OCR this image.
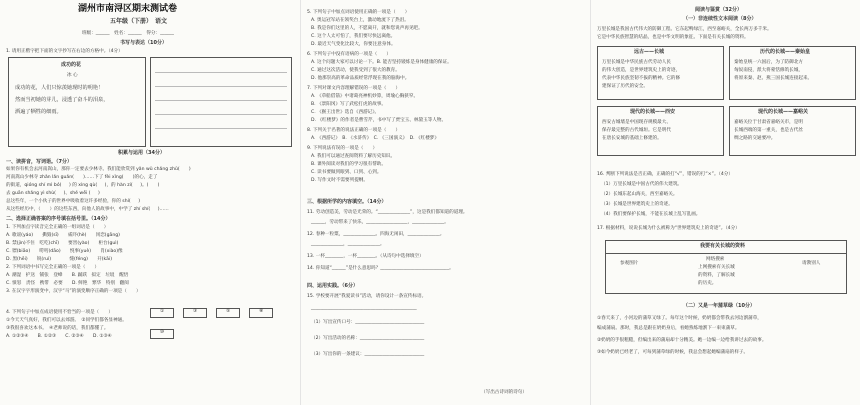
湖州市南浔区期末测试卷
五年级（下册）　语文
班级：______　姓名：______　得分：______
书写与表达（10分）
1. 请用正楷字把下面的文字抄写在右边的方格中。（4分）
成功的花
冰 心
成功的花，人们只惊羡她现时的明艳！
然而当初她的芽儿，浸透了奋斗的泪泉，
洒遍了牺牲的细雨。
积累与运用（34分）
一、读拼音，写词语。（7分）
如果你有机会去河南嵩山，那你一定要去少林寺。我们能欣赏到 yǎn wǔ chǎng zhǔ(　　)
河南嵩山少林寺 zhǎn lǎn guǎn(　　)……下了 fèi xǐng(　　)的心，走了
的街道，qióng shí mì bó( 　 ) 的 xìng qù( 　 )，的 hàn zi( 　 )。(　　)
去 guān shǎng yì shù( 　 )、shé wěi ( 　 )
总这些年，一个小伙子的世界中吸收着这许多经验，你的 shí( 　 )
从这些经历中，（　　）的这些东西，向他人的故事中，中学了 zhí shí( 　 )……
二、选择正确答案的序号填在括号里。（14分）
1. 下列加点字读音完全正确的一组词语是（　　）
A. 歌谣(yáo)　　撕毁(sī)　　威吓(hè)　　冈恋(gāng)
B. 禁(jìn)不住　吃吃(chī)　　要害(yào)　　柜台(guì)
C. 镖(biāo)　　唠叨(dāo)　　悦事(yuè)　　肖(xiào)像
D. 黑(hēi)　　锐(ruì)　　　　缝(féng)　　开(kāi)
2. 下列词语中书写完全正确的一项是（　　）
A. 潮湿　护送　铺张　登峰　　B. 踊跃　拟定　垃圾　醒悟
C. 愤怒　责怪　携带　必要　　D. 鲜艳　繁华　特别　翻阅
3. 在汉字字形演变中，汉字“马”的演变顺序正确的一项是（　　）
①	③	⑤	⑧ ⑩
4. 下列句子中加点成语使用不恰当的一项是（　　）
①今天天气真好，我们可以去郊游。　②同学们都各显神通。
③我很喜欢这本书。　④老师说的话，我们都懂了。
A. ①②③④　　B. ①②③　　C. ②③④　　D. ①③④
5. 下列句子中加点词语使用正确的一项是（　　）
A. 奥运冠军站在领奖台上，激动地流下了热泪。
B. 我是你们这里的人，不愿离开，就和您说声再见吧。
C. 这个人太可怕了，我们要尽快远离他。
D. 最近天气变化比较大，你要注意身体。
6. 下列句子中没有语病的一项是（　　）
A. 这个问题大家可以讨论一下。B. 能否坚持锻炼是身体健康的保证。
C. 通过这次活动，使我受到了很大的教育。
D. 他那崇高的革命品质经常浮现在我的脑海中。
7. 下列对课文内容理解错误的一项是（　　）
A. 《草船借箭》中诸葛亮神机妙算，周瑜心胸狭窄。
B. 《景阳冈》写了武松打虎的故事。
C. 《猴王出世》选自《西游记》。
D. 《红楼梦》的作者是曹雪芹，书中写了贾宝玉、林黛玉等人物。
8. 下列关于名著的说法正确的一项是（　　）
A. 《西游记》　B. 《水浒传》　C. 《三国演义》　D. 《红楼梦》
9. 下列说法有误的一项是（　　）
A. 我们可以通过查阅资料了解历史知识。
B. 课外阅读对我们的学习很有帮助。
C. 读书要做到眼到、口到、心到。
D. 写作文时不需要列提纲。
三、根据所学的内容填空。（14分）
11. 劳动创造美，劳动是光荣的。“______________”，这是我们都知道的道理。
______，劳动带来了快乐，__________________，______________。
12. 春种一粒粟，______________。四海无闲田，______________。
______________，______________。
13. 一杯________，一杯________。（从诗句中选择填空）
14. 你知道“______”是什么意思吗？______________________________。
四、运用实践。（6分）
15. 学校要开展“我爱读书”活动，请你设计一条宣传标语。
______________________________________________
（1）写出宣传口号：______________________________
（2）写出活动的名称：____________________________
（3）写出你的一条建议：__________________________
（写出古诗词的诗句）
阅读与鉴赏（32分）
（一）非连续性文本阅读（8分）
万里长城是我国古代伟大的防御工程。它东起鸭绿江，西至嘉峪关，全长两万多千米。
它是中华民族智慧的结晶，也是中华文明的象征。下面是有关长城的资料。
远古——长城
万里长城是中华民族古代劳动人民
的伟大创造，是世界建筑史上的奇迹，
代表中华民族坚韧不拔的精神。它的修
建保证了历代的安全。
历代的长城——秦始皇
秦始皇统一六国后，为了防御北方
匈奴南侵，派大将蒙恬修筑长城，
将原来秦、赵、燕三国长城连接起来。
现代的长城——西安
西安古城墙是中国现存规模最大、
保存最完整的古代城垣。它是明代
在唐长安城的基础上修建的。
现代的长城——嘉峪关
嘉峪关位于甘肃省嘉峪关市，是明
长城西端的第一重关，也是古代丝
绸之路的交通要冲。
16. 判断下列说法是否正确，正确的打“√”，错误的打“×”。（4分）
（1）万里长城是中国古代的伟大建筑。
（2）长城东起山海关，西至嘉峪关。
（3）长城是世界建筑史上的奇迹。
（4）我们要保护长城，不能在长城上乱写乱画。
17. 根据材料，说说长城为什么被称为“世界建筑史上的奇迹”。（4分）
我要有关长城的资料
参观图片
网络搜索
上网搜索有关长城
的资料，了解长城
的历史。
请教别人
（二）又是一年蒲草绿（10分）
①春天来了，小河边的蒲草又绿了。每年这个时候，奶奶都会带我去河边割蒲草，
编成蒲扇。那时，我总是跟在奶奶身后，看她熟练地割下一束束蒲草。
②奶奶的手很粗糙，但编出来的蒲扇却十分精美。她一边编一边给我讲过去的故事。
③如今奶奶已经老了，可每到蒲草绿的时候，我总会想起她编蒲扇的样子。
